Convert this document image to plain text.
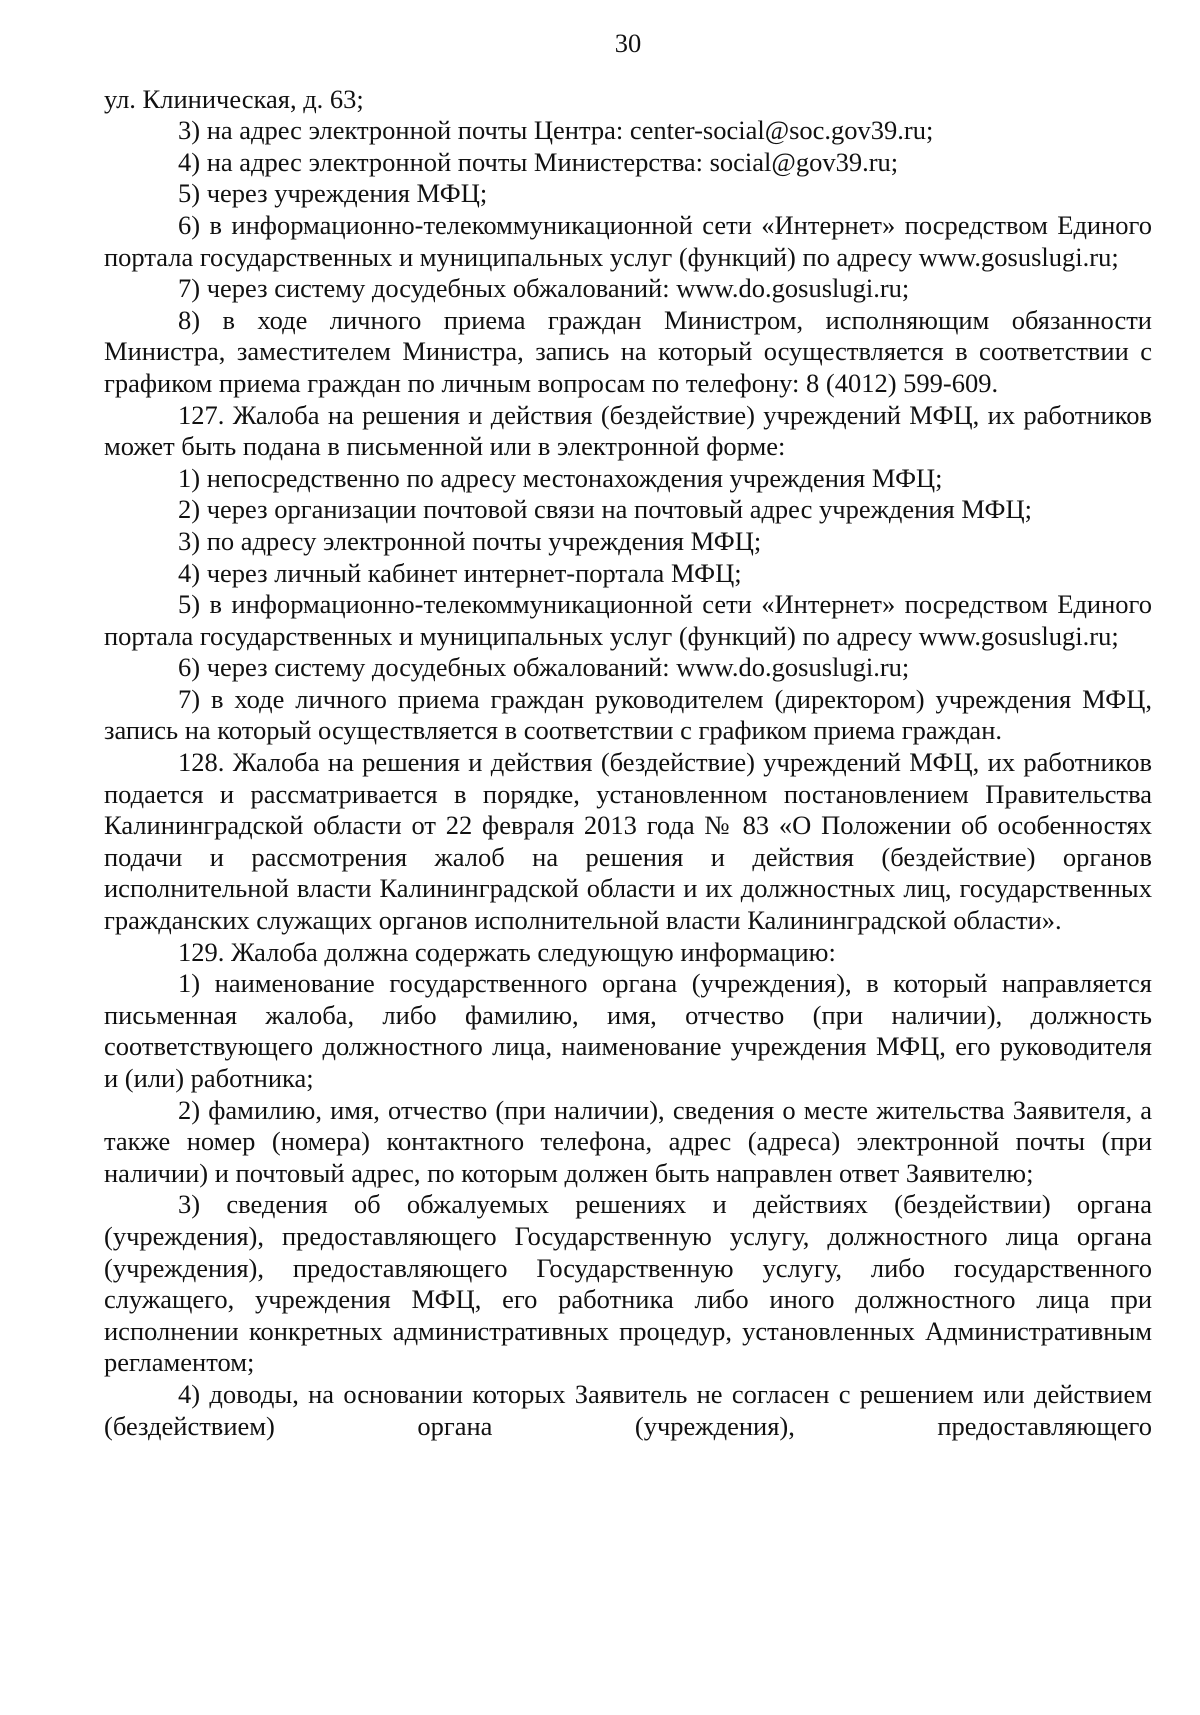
30

ул. Клиническая, д. 63;

3) на адрес электронной почты Центра: center-social@soc.gov39.ru;

4) на адрес электронной почты Министерства: social@gov39.ru;

5) через учреждения МФЦ;

6) в информационно-телекоммуникационной сети «Интернет» посредством Единого портала государственных и муниципальных услуг (функций) по адресу www.gosuslugi.ru;

7) через систему досудебных обжалований: www.do.gosuslugi.ru;

8) в ходе личного приема граждан Министром, исполняющим обязанности Министра, заместителем Министра, запись на который осуществляется в соответствии с графиком приема граждан по личным вопросам по телефону: 8 (4012) 599-609.

127. Жалоба на решения и действия (бездействие) учреждений МФЦ, их работников может быть подана в письменной или в электронной форме:

1) непосредственно по адресу местонахождения учреждения МФЦ;

2) через организации почтовой связи на почтовый адрес учреждения МФЦ;

3) по адресу электронной почты учреждения МФЦ;

4) через личный кабинет интернет-портала МФЦ;

5) в информационно-телекоммуникационной сети «Интернет» посредством Единого портала государственных и муниципальных услуг (функций) по адресу www.gosuslugi.ru;

6) через систему досудебных обжалований: www.do.gosuslugi.ru;

7) в ходе личного приема граждан руководителем (директором) учреждения МФЦ, запись на который осуществляется в соответствии с графиком приема граждан.

128. Жалоба на решения и действия (бездействие) учреждений МФЦ, их работников подается и рассматривается в порядке, установленном постановлением Правительства Калининградской области от 22 февраля 2013 года № 83 «О Положении об особенностях подачи и рассмотрения жалоб на решения и действия (бездействие) органов исполнительной власти Калининградской области и их должностных лиц, государственных гражданских служащих органов исполнительной власти Калининградской области».

129. Жалоба должна содержать следующую информацию:

1) наименование государственного органа (учреждения), в который направляется письменная жалоба, либо фамилию, имя, отчество (при наличии), должность соответствующего должностного лица, наименование учреждения МФЦ, его руководителя и (или) работника;

2) фамилию, имя, отчество (при наличии), сведения о месте жительства Заявителя, а также номер (номера) контактного телефона, адрес (адреса) электронной почты (при наличии) и почтовый адрес, по которым должен быть направлен ответ Заявителю;

3) сведения об обжалуемых решениях и действиях (бездействии) органа (учреждения), предоставляющего Государственную услугу, должностного лица органа (учреждения), предоставляющего Государственную услугу, либо государственного служащего, учреждения МФЦ, его работника либо иного должностного лица при исполнении конкретных административных процедур, установленных Административным регламентом;

4) доводы, на основании которых Заявитель не согласен с решением или действием (бездействием) органа (учреждения), предоставляющего
